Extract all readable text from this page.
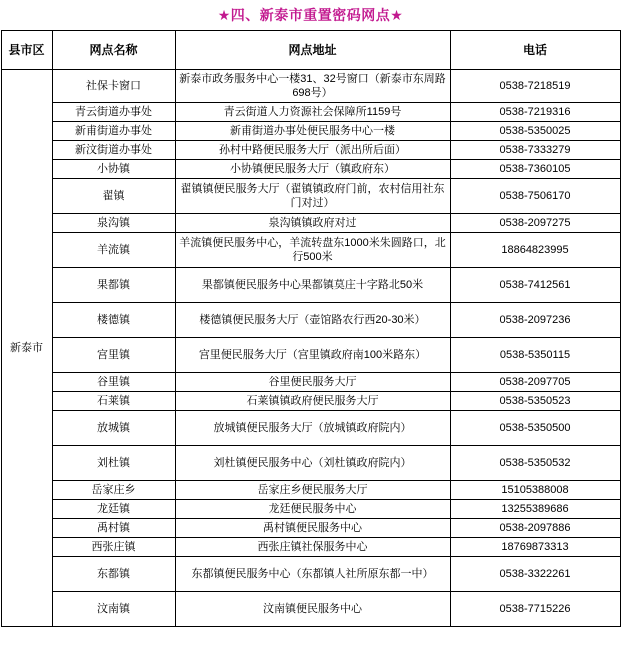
★四、新泰市重置密码网点★
县市区	网点名称	网点地址	电话
新泰市	社保卡窗口	新泰市政务服务中心一楼31、32号窗口（新泰市东周路698号）	0538-7218519
	青云街道办事处	青云街道人力资源社会保障所1159号	0538-7219316
	新甫街道办事处	新甫街道办事处便民服务中心一楼	0538-5350025
	新汶街道办事处	孙村中路便民服务大厅（派出所后面）	0538-7333279
	小协镇	小协镇便民服务大厅（镇政府东）	0538-7360105
	翟镇	翟镇镇便民服务大厅（翟镇镇政府门前，农村信用社东门对过）	0538-7506170
	泉沟镇	泉沟镇镇政府对过	0538-2097275
	羊流镇	羊流镇便民服务中心，羊流转盘东1000米朱圆路口，北行500米	18864823995
	果都镇	果都镇便民服务中心果都镇莫庄十字路北50米	0538-7412561
	楼德镇	楼德镇便民服务大厅（壶馆路农行西20-30米）	0538-2097236
	宫里镇	宫里便民服务大厅（宫里镇政府南100米路东）	0538-5350115
	谷里镇	谷里便民服务大厅	0538-2097705
	石莱镇	石莱镇镇政府便民服务大厅	0538-5350523
	放城镇	放城镇便民服务大厅（放城镇政府院内）	0538-5350500
	刘杜镇	刘杜镇便民服务中心（刘杜镇政府院内）	0538-5350532
	岳家庄乡	岳家庄乡便民服务大厅	15105388008
	龙廷镇	龙廷便民服务中心	13255389686
	禹村镇	禹村镇便民服务中心	0538-2097886
	西张庄镇	西张庄镇社保服务中心	18769873313
	东都镇	东都镇便民服务中心（东都镇人社所原东都一中）	0538-3322261
	汶南镇	汶南镇便民服务中心	0538-7715226
